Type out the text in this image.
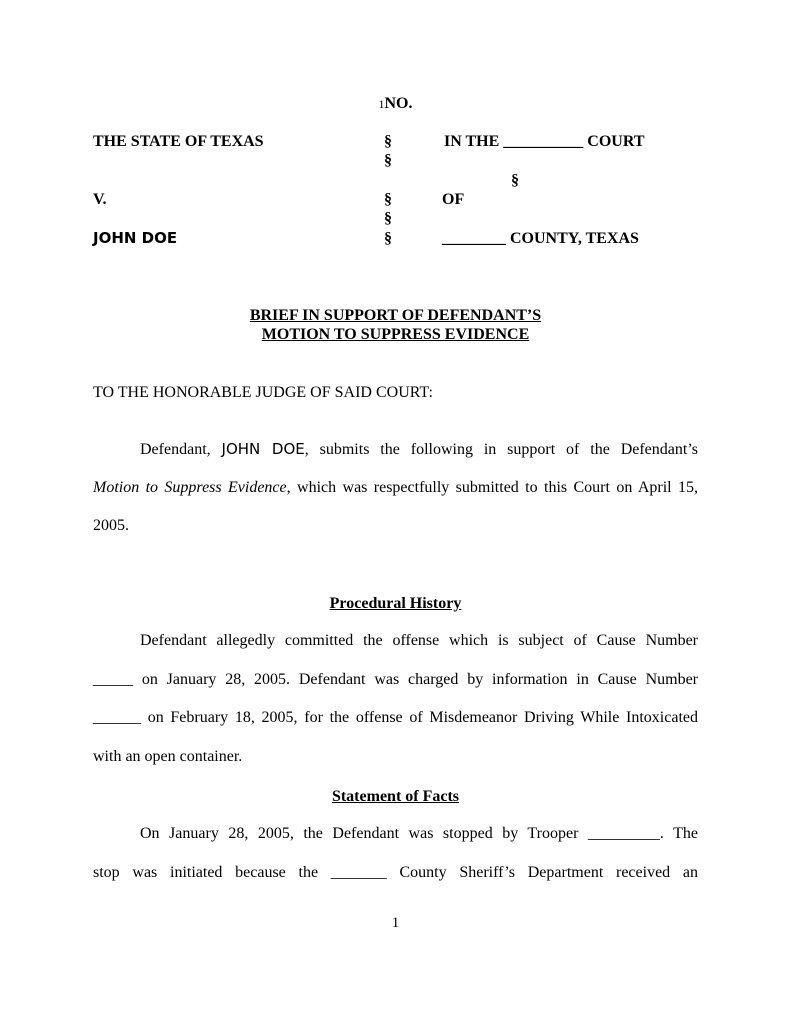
1NO.
THE STATE OF TEXAS
V.
JOHN DOE
§
§
§
§
§
§
IN THE __________ COURT
OF
________ COUNTY, TEXAS
BRIEF IN SUPPORT OF DEFENDANT’S
MOTION TO SUPPRESS EVIDENCE
TO THE HONORABLE JUDGE OF SAID COURT:
Defendant, JOHN DOE, submits the following in support of the Defendant’s
Motion to Suppress Evidence, which was respectfully submitted to this Court on April 15,
2005.
Procedural History
Defendant allegedly committed the offense which is subject of Cause Number
_____ on January 28, 2005. Defendant was charged by information in Cause Number
______ on February 18, 2005, for the offense of Misdemeanor Driving While Intoxicated
with an open container.
Statement of Facts
On January 28, 2005, the Defendant was stopped by Trooper _________. The
stop was initiated because the _______ County Sheriff’s Department received an
1
